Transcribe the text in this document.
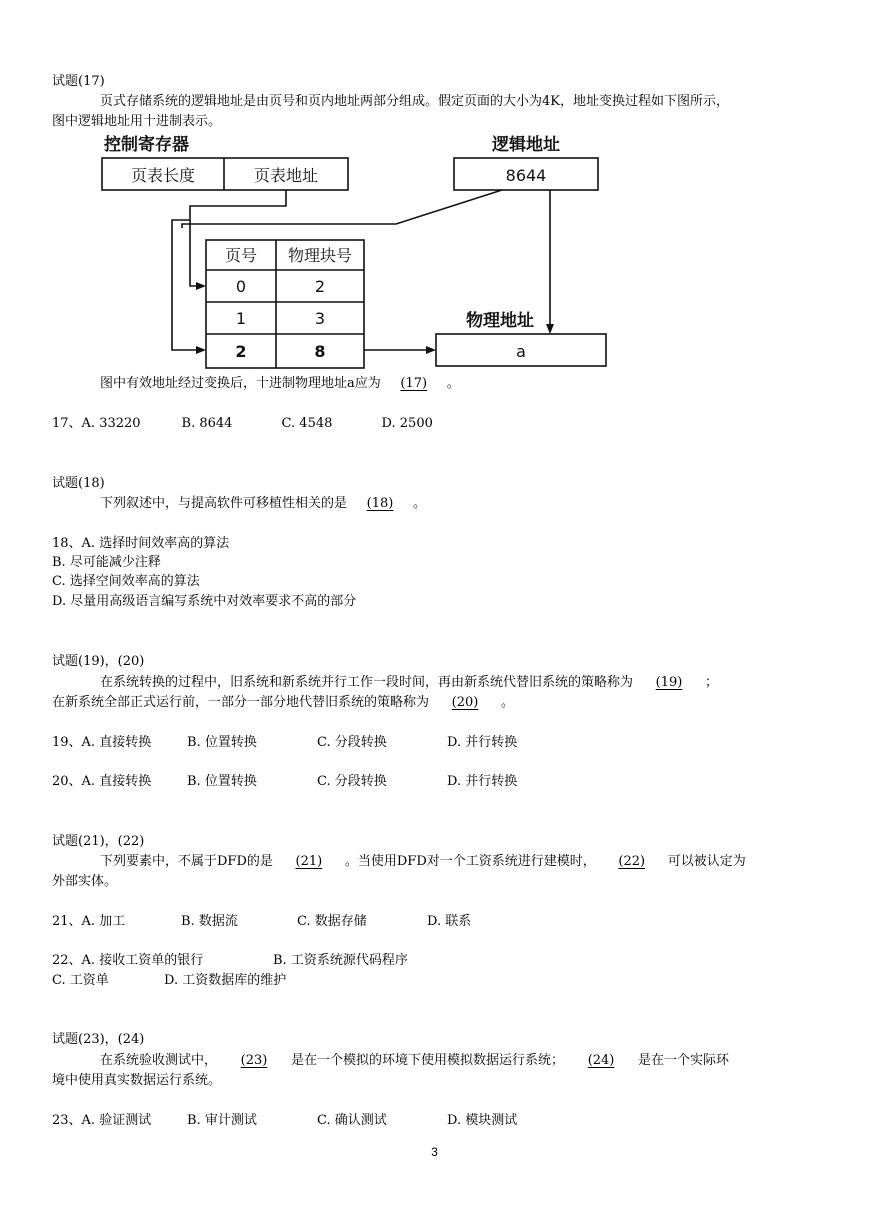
试题(17)
页式存储系统的逻辑地址是由页号和页内地址两部分组成。假定页面的大小为4K，地址变换过程如下图所示，
图中逻辑地址用十进制表示。
控制寄存器
页表长度	页表地址
逻辑地址
8644
页号 物理块号
0	2
1	3
2	8
物理地址
a
图中有效地址经过变换后，十进制物理地址a应为 (17) 。
17、A. 33220	B. 8644	C. 4548	D. 2500
试题(18)
下列叙述中，与提高软件可移植性相关的是 (18) 。
18、A. 选择时间效率高的算法
B. 尽可能减少注释
C. 选择空间效率高的算法
D. 尽量用高级语言编写系统中对效率要求不高的部分
试题(19)，(20)
在系统转换的过程中，旧系统和新系统并行工作一段时间，再由新系统代替旧系统的策略称为 (19) ；
在新系统全部正式运行前，一部分一部分地代替旧系统的策略称为 (20) 。
19、A. 直接转换	B. 位置转换	C. 分段转换	D. 并行转换
20、A. 直接转换	B. 位置转换	C. 分段转换	D. 并行转换
试题(21)，(22)
下列要素中，不属于DFD的是 (21) 。当使用DFD对一个工资系统进行建模时， (22) 可以被认定为
外部实体。
21、A. 加工	B. 数据流	C. 数据存储	D. 联系
22、A. 接收工资单的银行	B. 工资系统源代码程序
C. 工资单	D. 工资数据库的维护
试题(23)，(24)
在系统验收测试中， (23) 是在一个模拟的环境下使用模拟数据运行系统； (24) 是在一个实际环
境中使用真实数据运行系统。
23、A. 验证测试	B. 审计测试	C. 确认测试	D. 模块测试
3
